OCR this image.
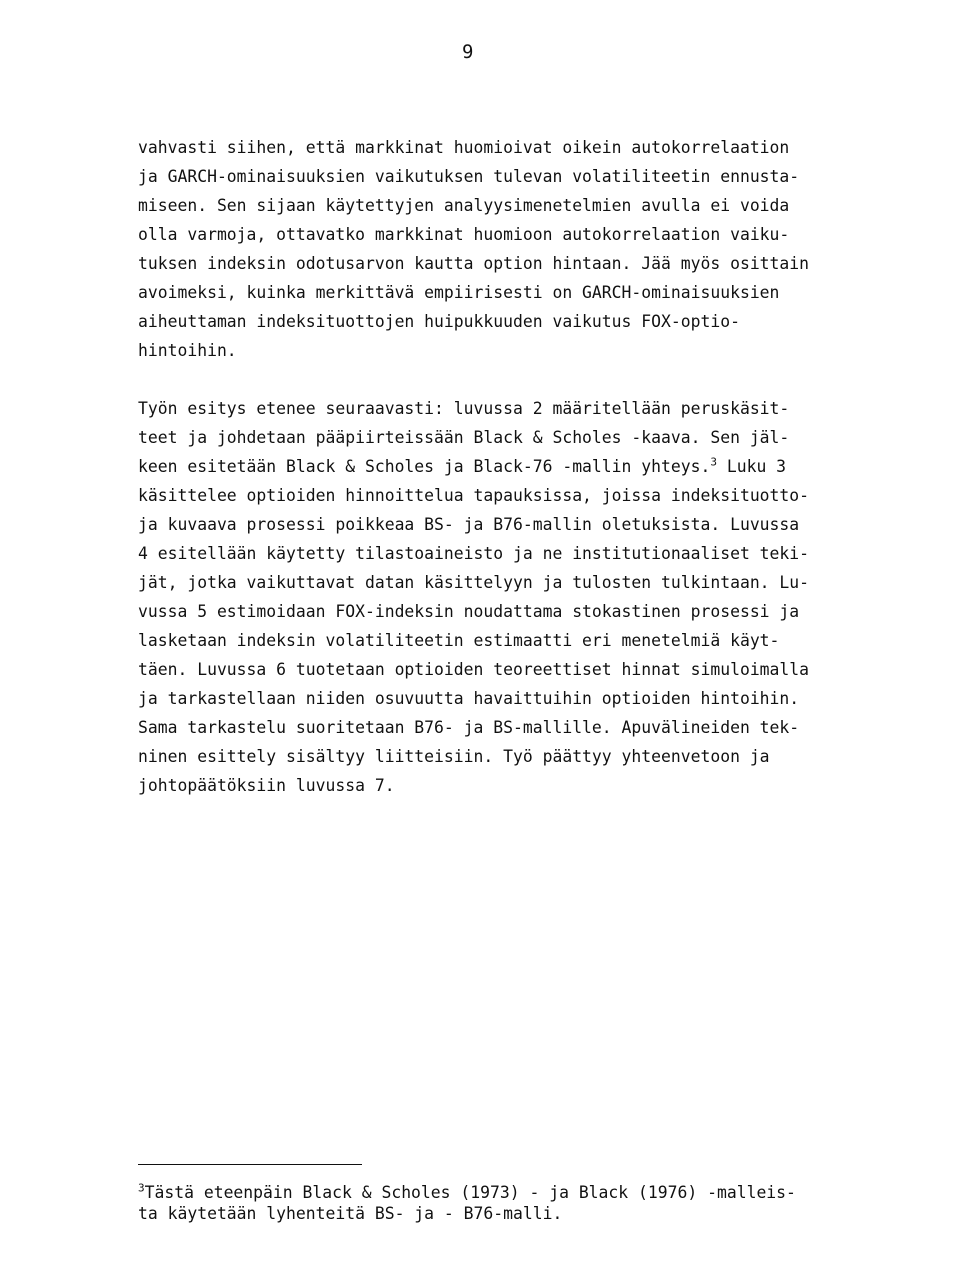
9
vahvasti siihen, että markkinat huomioivat oikein autokorrelaation
ja GARCH-ominaisuuksien vaikutuksen tulevan volatiliteetin ennusta-
miseen. Sen sijaan käytettyjen analyysimenetelmien avulla ei voida
olla varmoja, ottavatko markkinat huomioon autokorrelaation vaiku-
tuksen indeksin odotusarvon kautta option hintaan. Jää myös osittain
avoimeksi, kuinka merkittävä empiirisesti on GARCH-ominaisuuksien
aiheuttaman indeksituottojen huipukkuuden vaikutus FOX-optio-
hintoihin.
Työn esitys etenee seuraavasti: luvussa 2 määritellään peruskäsit-
teet ja johdetaan pääpiirteissään Black & Scholes -kaava. Sen jäl-
keen esitetään Black & Scholes ja Black-76 -mallin yhteys.$^3$ Luku 3
käsittelee optioiden hinnoittelua tapauksissa, joissa indeksituotto-
ja kuvaava prosessi poikkeaa BS- ja B76-mallin oletuksista. Luvussa
4 esitellään käytetty tilastoaineisto ja ne institutionaaliset teki-
jät, jotka vaikuttavat datan käsittelyyn ja tulosten tulkintaan. Lu-
vussa 5 estimoidaan FOX-indeksin noudattama stokastinen prosessi ja
lasketaan indeksin volatiliteetin estimaatti eri menetelmiä käyt-
täen. Luvussa 6 tuotetaan optioiden teoreettiset hinnat simuloimalla
ja tarkastellaan niiden osuvuutta havaittuihin optioiden hintoihin.
Sama tarkastelu suoritetaan B76- ja BS-mallille. Apuvälineiden tek-
ninen esittely sisältyy liitteisiin. Työ päättyy yhteenvetoon ja
johtopäätöksiin luvussa 7.
$^3$Tästä eteenpäin Black & Scholes (1973) - ja Black (1976) -malleis-
ta käytetään lyhenteitä BS- ja - B76-malli.
